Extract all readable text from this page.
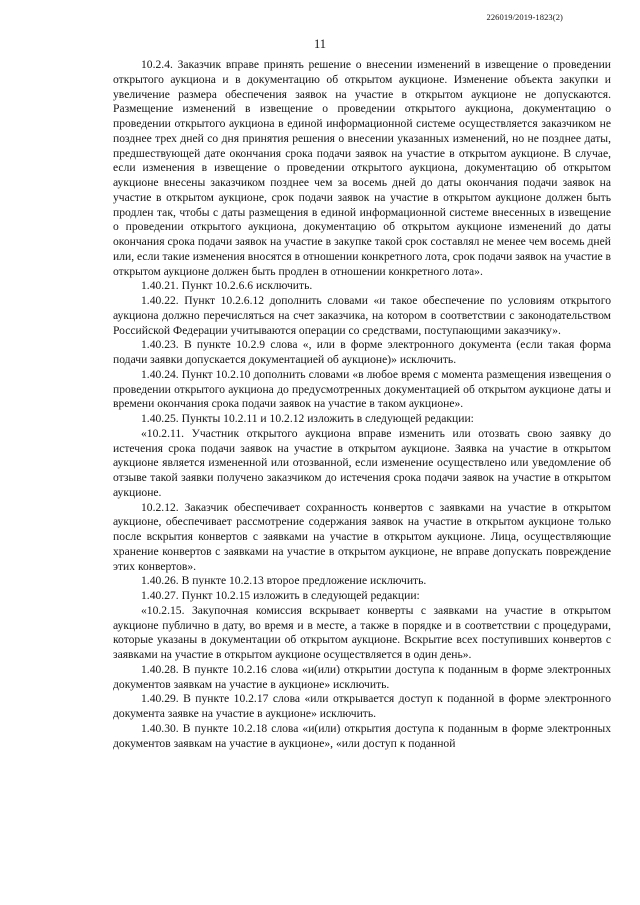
226019/2019-1823(2)
11

10.2.4. Заказчик вправе принять решение о внесении изменений в извещение о проведении открытого аукциона и в документацию об открытом аукционе. Изменение объекта закупки и увеличение размера обеспечения заявок на участие в открытом аукционе не допускаются. Размещение изменений в извещение о проведении открытого аукциона, документацию о проведении открытого аукциона в единой информационной системе осуществляется заказчиком не позднее трех дней со дня принятия решения о внесении указанных изменений, но не позднее даты, предшествующей дате окончания срока подачи заявок на участие в открытом аукционе. В случае, если изменения в извещение о проведении открытого аукциона, документацию об открытом аукционе внесены заказчиком позднее чем за восемь дней до даты окончания подачи заявок на участие в открытом аукционе, срок подачи заявок на участие в открытом аукционе должен быть продлен так, чтобы с даты размещения в единой информационной системе внесенных в извещение о проведении открытого аукциона, документацию об открытом аукционе изменений до даты окончания срока подачи заявок на участие в закупке такой срок составлял не менее чем восемь дней или, если такие изменения вносятся в отношении конкретного лота, срок подачи заявок на участие в открытом аукционе должен быть продлен в отношении конкретного лота».

1.40.21. Пункт 10.2.6.6 исключить.

1.40.22. Пункт 10.2.6.12 дополнить словами «и такое обеспечение по условиям открытого аукциона должно перечисляться на счет заказчика, на котором в соответствии с законодательством Российской Федерации учитываются операции со средствами, поступающими заказчику».

1.40.23. В пункте 10.2.9 слова «, или в форме электронного документа (если такая форма подачи заявки допускается документацией об аукционе)» исключить.

1.40.24. Пункт 10.2.10 дополнить словами «в любое время с момента размещения извещения о проведении открытого аукциона до предусмотренных документацией об открытом аукционе даты и времени окончания срока подачи заявок на участие в таком аукционе».

1.40.25. Пункты 10.2.11 и 10.2.12 изложить в следующей редакции:

«10.2.11. Участник открытого аукциона вправе изменить или отозвать свою заявку до истечения срока подачи заявок на участие в открытом аукционе. Заявка на участие в открытом аукционе является измененной или отозванной, если изменение осуществлено или уведомление об отзыве такой заявки получено заказчиком до истечения срока подачи заявок на участие в открытом аукционе.

10.2.12. Заказчик обеспечивает сохранность конвертов с заявками на участие в открытом аукционе, обеспечивает рассмотрение содержания заявок на участие в открытом аукционе только после вскрытия конвертов с заявками на участие в открытом аукционе. Лица, осуществляющие хранение конвертов с заявками на участие в открытом аукционе, не вправе допускать повреждение этих конвертов».

1.40.26. В пункте 10.2.13 второе предложение исключить.

1.40.27. Пункт 10.2.15 изложить в следующей редакции:

«10.2.15. Закупочная комиссия вскрывает конверты с заявками на участие в открытом аукционе публично в дату, во время и в месте, а также в порядке и в соответствии с процедурами, которые указаны в документации об открытом аукционе. Вскрытие всех поступивших конвертов с заявками на участие в открытом аукционе осуществляется в один день».

1.40.28. В пункте 10.2.16 слова «и(или) открытии доступа к поданным в форме электронных документов заявкам на участие в аукционе» исключить.

1.40.29. В пункте 10.2.17 слова «или открывается доступ к поданной в форме электронного документа заявке на участие в аукционе» исключить.

1.40.30. В пункте 10.2.18 слова «и(или) открытия доступа к поданным в форме электронных документов заявкам на участие в аукционе», «или доступ к поданной
